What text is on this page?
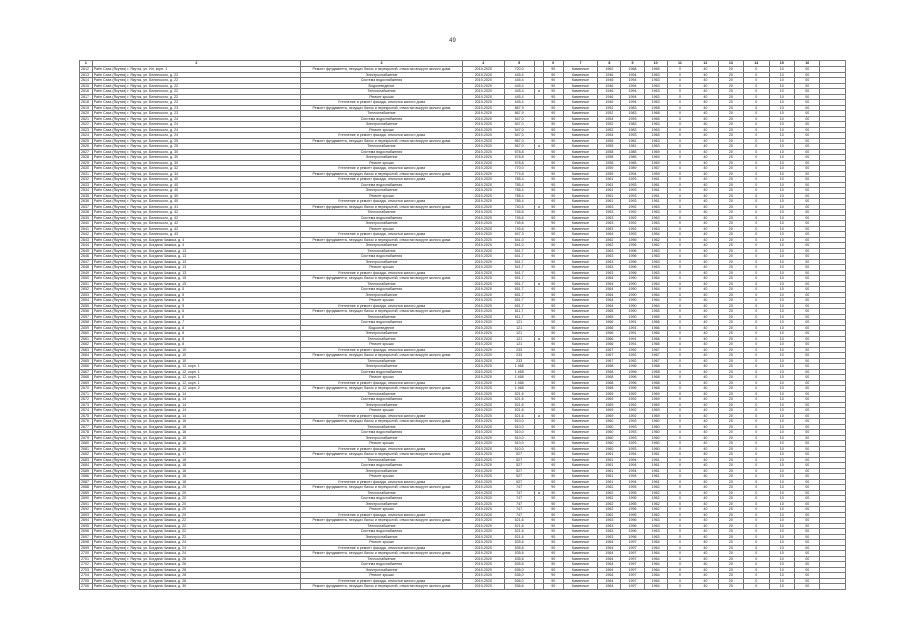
49
1	2	3	4	5		6	7	8	9	10	11	12	13	14	15	16	
2612	Раён Саха (Якутия) г. Якутск, ул. Ил, корп. 1	Ремонт фундамента, несущих балок и перекрытий, отмостки вокругл жилого дома	2019-2020	720,0		90	Каменные	1962	1968	1965	0	40	20	0	10	00	
2613	Раён Саха (Якутия) г. Якутск, ул. Белинского, д. 22	Электроснабжение	2019-2020	445,4		90	Каменные	1946	1994	1963	0	40	20	0	10	00	
2614	Раён Саха (Якутия) г. Якутск, ул. Белинского, д. 22	Система водоснабжения	2019-2020	445,4		90	Каменные	1946	1994	1963	0	40	20	0	10	00	
2615	Раён Саха (Якутия) г. Якутск, ул. Белинского, д. 22	Водоотведение	2019-2020	445,4		90	Каменные	1946	1994	1963	0	40	20	0	10	00	
2616	Раён Саха (Якутия) г. Якутск, ул. Белинского, д. 22	Теплоснабжение	2019-2020	445,4	a	90	Каменные	1946	1994	1963	0	40	20	0	10	00	
2617	Раён Саха (Якутия) г. Якутск, ул. Белинского, д. 22	Ремонт крыши	2019-2020	445,4		90	Каменные	1946	1994	1963	0	40	20	0	10	00	
2618	Раён Саха (Якутия) г. Якутск, ул. Белинского, д. 22	Утепление и ремонт фасада, отмостки жилого дома	2019-2020	445,4		90	Каменные	1946	1994	1963	0	40	20	0	10	00	
2619	Раён Саха (Якутия) г. Якутск, ул. Белинского, д. 23	Ремонт фундамента, несущих балок и перекрытий, отмостки вокругл жилого дома	2019-2020	867,9		90	Каменные	1952	1983	1968	0	40	20	0	10	00	
2620	Раён Саха (Якутия) г. Якутск, ул. Белинского, д. 23	Теплоснабжение	2019-2020	867,9		90	Каменные	1952	1983	1968	0	40	20	0	10	00	
2621	Раён Саха (Якутия) г. Якутск, ул. Белинского, д. 24	Система водоснабжения	2019-2020	547,0		90	Каменные	1954	1993	1965	0	40	20	0	10	00	
2622	Раён Саха (Якутия) г. Якутск, ул. Белинского, д. 24	Электроснабжение	2019-2020	547,0		90	Каменные	1952	1983	1963	0	40	20	0	10	00	
2623	Раён Саха (Якутия) г. Якутск, ул. Белинского, д. 24	Ремонт крыши	2019-2020	547,0		90	Каменные	1952	1983	1963	0	40	20	0	10	00	
2624	Раён Саха (Якутия) г. Якутск, ул. Белинского, д. 24	Утепление и ремонт фасада, отмостки жилого дома	2019-2020	547,0		90	Каменные	1954	1993	1965	0	40	20	0	10	00	
2625	Раён Саха (Якутия) г. Якутск, ул. Белинского, д. 25	Ремонт фундамента, несущих балок и перекрытий, отмостки вокругл жилого дома	2019-2020	567,0		90	Каменные	1955	1981	1963	0	40	20	0	10	00	
2626	Раён Саха (Якутия) г. Якутск, ул. Белинского, д. 25	Теплоснабжение	2019-2020	567,0	a	90	Каменные	1955	1981	1963	0	40	20	0	10	00	
2627	Раён Саха (Якутия) г. Якутск, ул. Белинского, д. 30	Система водоснабжения	2019-2020	578,8		90	Каменные	1958	1985	1969	0	40	20	0	10	00	
2628	Раён Саха (Якутия) г. Якутск, ул. Белинского, д. 30	Электроснабжение	2019-2020	578,8		90	Каменные	1958	1985	1969	0	40	20	0	10	00	
2629	Раён Саха (Якутия) г. Якутск, ул. Белинского, д. 30	Ремонт крыши	2019-2020	578,8		90	Каменные	1958	1985	1969	0	40	20	0	10	00	
2630	Раён Саха (Якутия) г. Якутск, ул. Белинского, д. 32	Утепление и ремонт фасада, отмостки жилого дома	2019-2020	770,0		90	Каменные	1959	1989	1967	0	40	20	0	10	00	
2631	Раён Саха (Якутия) г. Якутск, ул. Белинского, д. 34	Ремонт фундамента, несущих балок и перекрытий, отмостки вокругл жилого дома	2019-2020	774,8		90	Каменные	1959	1994	1959	0	40	20	0	10	00	
2632	Раён Саха (Якутия) г. Якутск, ул. Белинского, д. 40	Утепление и ремонт фасада, отмостки жилого дома	2019-2020	785,4		90	Каменные	1961	1993	1961	0	40	20	0	10	00	
2633	Раён Саха (Якутия) г. Якутск, ул. Белинского, д. 40	Система водоснабжения	2019-2020	785,4		90	Каменные	1961	1993	1961	0	40	20	0	10	00	
2634	Раён Саха (Якутия) г. Якутск, ул. Белинского, д. 40	Электроснабжение	2019-2020	785,4		90	Каменные	1961	1993	1961	0	40	20	0	10	00	
2635	Раён Саха (Якутия) г. Якутск, ул. Белинского, д. 40	Ремонт крыши	2019-2020	785,4		90	Каменные	1961	1993	1961	0	40	20	0	10	00	
2636	Раён Саха (Якутия) г. Якутск, ул. Белинского, д. 40	Утепление и ремонт фасада, отмостки жилого дома	2019-2020	785,4		90	Каменные	1961	1993	1961	0	40	20	0	10	00	
2637	Раён Саха (Якутия) г. Якутск, ул. Белинского, д. 41	Ремонт фундамента, несущих балок и перекрытий, отмостки вокругл жилого дома	2019-2020	740,5	a	90	Каменные	1963	1992	1963	0	40	20	0	10	00	
2638	Раён Саха (Якутия) г. Якутск, ул. Белинского, д. 42	Теплоснабжение	2019-2020	745,6		90	Каменные	1963	1992	1963	0	40	20	0	10	00	
2639	Раён Саха (Якутия) г. Якутск, ул. Белинского, д. 42	Система водоснабжения	2019-2020	745,6		90	Каменные	1963	1992	1963	0	40	20	0	10	00	
2640	Раён Саха (Якутия) г. Якутск, ул. Белинского, д. 42	Электроснабжение	2019-2020	745,6		90	Каменные	1963	1992	1963	0	40	20	0	10	00	
2641	Раён Саха (Якутия) г. Якутск, ул. Белинского, д. 42	Ремонт крыши	2019-2020	745,6		90	Каменные	1963	1992	1963	0	40	20	0	10	00	
2642	Раён Саха (Якутия) г. Якутск, ул. Белинского, д. 43	Утепление и ремонт фасада, отмостки жилого дома	2019-2020	947,3		90	Каменные	1964	1993	1964	0	40	20	0	10	00	
2643	Раён Саха (Якутия) г. Якутск, ул. Богдана Чижика, д. 4	Ремонт фундамента, несущих балок и перекрытий, отмостки вокругл жилого дома	2019-2020	541,0		90	Каменные	1962	1995	1962	0	40	20	0	10	00	
2644	Раён Саха (Якутия) г. Якутск, ул. Богдана Чижика, д. 4	Электроснабжение	2019-2020	541,0		90	Каменные	1962	1995	1962	0	40	20	0	10	00	
2645	Раён Саха (Якутия) г. Якутск, ул. Богдана Чижика, д. 13	Теплоснабжение	2019-2020	541,7		90	Каменные	1963	1996	1963	0	40	20	0	10	00	
2646	Раён Саха (Якутия) г. Якутск, ул. Богдана Чижика, д. 13	Система водоснабжения	2019-2020	541,7		90	Каменные	1963	1996	1963	0	40	20	0	10	00	
2647	Раён Саха (Якутия) г. Якутск, ул. Богдана Чижика, д. 13	Электроснабжение	2019-2020	541,7		90	Каменные	1963	1996	1963	0	40	20	0	10	00	
2648	Раён Саха (Якутия) г. Якутск, ул. Богдана Чижика, д. 13	Ремонт крыши	2019-2020	541,7		90	Каменные	1963	1996	1963	0	40	20	0	10	00	
2649	Раён Саха (Якутия) г. Якутск, ул. Богдана Чижика, д. 13	Утепление и ремонт фасада, отмостки жилого дома	2019-2020	541,7		90	Каменные	1963	1996	1963	0	40	20	0	10	00	
2650	Раён Саха (Якутия) г. Якутск, ул. Богдана Чижика, д. 15	Ремонт фундамента, несущих балок и перекрытий, отмостки вокругл жилого дома	2019-2020	651,7		90	Каменные	1964	1990	1964	0	40	20	0	10	00	
2651	Раён Саха (Якутия) г. Якутск, ул. Богдана Чижика, д. 15	Теплоснабжение	2019-2020	651,7	a	90	Каменные	1964	1990	1964	0	40	20	0	10	00	
2652	Раён Саха (Якутия) г. Якутск, ул. Богдана Чижика, д. 5	Система водоснабжения	2019-2020	651,7		90	Каменные	1964	1990	1964	0	40	20	0	10	00	
2653	Раён Саха (Якутия) г. Якутск, ул. Богдана Чижика, д. 5	Электроснабжение	2019-2020	651,7		90	Каменные	1964	1990	1964	0	40	20	0	10	00	
2654	Раён Саха (Якутия) г. Якутск, ул. Богдана Чижика, д. 5	Ремонт крыши	2019-2020	651,7		90	Каменные	1964	1990	1964	0	40	20	0	10	00	
2655	Раён Саха (Якутия) г. Якутск, ул. Богдана Чижика, д. 5	Утепление и ремонт фасада, отмостки жилого дома	2019-2020	651,7		90	Каменные	1964	1990	1964	0	40	20	0	10	00	
2656	Раён Саха (Якутия) г. Якутск, ул. Богдана Чижика, д. 6	Ремонт фундамента, несущих балок и перекрытий, отмостки вокругл жилого дома	2019-2020	611,7		90	Каменные	1965	1990	1965	0	40	20	0	10	00	
2657	Раён Саха (Якутия) г. Якутск, ул. Богдана Чижика, д. 6	Теплоснабжение	2019-2020	611,7		90	Каменные	1965	1990	1965	0	40	20	0	10	00	
2658	Раён Саха (Якутия) г. Якутск, ул. Богдана Чижика, д. 7	Система водоснабжения	2019-2020	121		90	Каменные	1966	1991	1966	0	40	20	0	10	00	
2659	Раён Саха (Якутия) г. Якутск, ул. Богдана Чижика, д. 8	Водоотведение	2019-2020	121		90	Каменные	1966	1991	1966	0	40	20	0	10	00	
2660	Раён Саха (Якутия) г. Якутск, ул. Богдана Чижика, д. 8	Электроснабжение	2019-2020	121		90	Каменные	1966	1991	1966	0	40	20	0	10	00	
2661	Раён Саха (Якутия) г. Якутск, ул. Богдана Чижика, д. 8	Теплоснабжение	2019-2020	121	a	90	Каменные	1966	1991	1966	0	40	20	0	10	00	
2662	Раён Саха (Якутия) г. Якутск, ул. Богдана Чижика, д. 8	Ремонт крыши	2019-2020	121		90	Каменные	1966	1991	1966	0	40	20	0	10	00	
2663	Раён Саха (Якутия) г. Якутск, ул. Богдана Чижика, д. 10	Утепление и ремонт фасада, отмостки жилого дома	2019-2020	233		90	Каменные	1967	1992	1967	0	40	20	0	10	00	
2664	Раён Саха (Якутия) г. Якутск, ул. Богдана Чижика, д. 10	Ремонт фундамента, несущих балок и перекрытий, отмостки вокругл жилого дома	2019-2020	233		90	Каменные	1967	1992	1967	0	40	20	0	10	00	
2665	Раён Саха (Якутия) г. Якутск, ул. Богдана Чижика, д. 10	Теплоснабжение	2019-2020	233		90	Каменные	1967	1992	1967	0	40	20	0	10	00	
2666	Раён Саха (Якутия) г. Якутск, ул. Богдана Чижика, д. 12, корп. 1	Электроснабжение	2019-2020	1 468		90	Каменные	1968	1996	1968	0	40	20	0	10	00	
2667	Раён Саха (Якутия) г. Якутск, ул. Богдана Чижика, д. 12, корп. 1	Система водоснабжения	2019-2020	1 468		90	Каменные	1968	1996	1968	0	40	20	0	10	00	
2668	Раён Саха (Якутия) г. Якутск, ул. Богдана Чижика, д. 12, корп. 1	Ремонт крыши	2019-2020	1 468		90	Каменные	1968	1996	1968	0	40	20	0	10	00	
2669	Раён Саха (Якутия) г. Якутск, ул. Богдана Чижика, д. 12, корп. 1	Утепление и ремонт фасада, отмостки жилого дома	2019-2020	1 468		90	Каменные	1968	1996	1968	0	40	20	0	10	00	
2670	Раён Саха (Якутия) г. Якутск, ул. Богдана Чижика, д. 12, корп. 2	Ремонт фундамента, несущих балок и перекрытий, отмостки вокругл жилого дома	2019-2020	1 468		90	Каменные	1968	1996	1968	0	40	20	0	10	00	
2671	Раён Саха (Якутия) г. Якутск, ул. Богдана Чижика, д. 14	Теплоснабжение	2019-2020	521,6		90	Каменные	1969	1992	1969	0	40	20	0	10	00	
2672	Раён Саха (Якутия) г. Якутск, ул. Богдана Чижика, д. 14	Система водоснабжения	2019-2020	521,6		90	Каменные	1969	1992	1969	0	40	20	0	10	00	
2673	Раён Саха (Якутия) г. Якутск, ул. Богдана Чижика, д. 14	Электроснабжение	2019-2020	521,6		90	Каменные	1969	1992	1969	0	40	20	0	10	00	
2674	Раён Саха (Якутия) г. Якутск, ул. Богдана Чижика, д. 14	Ремонт крыши	2019-2020	521,6		90	Каменные	1969	1992	1969	0	40	20	0	10	00	
2675	Раён Саха (Якутия) г. Якутск, ул. Богдана Чижика, д. 14	Утепление и ремонт фасада, отмостки жилого дома	2019-2020	521,6	a	90	Каменные	1969	1992	1969	0	40	20	0	10	00	
2676	Раён Саха (Якутия) г. Якутск, ул. Богдана Чижика, д. 16	Ремонт фундамента, несущих балок и перекрытий, отмостки вокругл жилого дома	2019-2020	510,0		90	Каменные	1960	1993	1960	0	40	20	0	10	00	
2677	Раён Саха (Якутия) г. Якутск, ул. Богдана Чижика, д. 16	Теплоснабжение	2019-2020	510,0		90	Каменные	1960	1993	1960	0	40	20	0	10	00	
2678	Раён Саха (Якутия) г. Якутск, ул. Богдана Чижика, д. 16	Система водоснабжения	2019-2020	510,0		90	Каменные	1960	1993	1960	0	40	20	0	10	00	
2679	Раён Саха (Якутия) г. Якутск, ул. Богдана Чижика, д. 16	Электроснабжение	2019-2020	510,0		90	Каменные	1960	1993	1960	0	40	20	0	10	00	
2680	Раён Саха (Якутия) г. Якутск, ул. Богдана Чижика, д. 16	Ремонт крыши	2019-2020	510,0		90	Каменные	1960	1993	1960	0	40	20	0	10	00	
2681	Раён Саха (Якутия) г. Якутск, ул. Богдана Чижика, д. 16	Утепление и ремонт фасада, отмостки жилого дома	2019-2020	510,0		90	Каменные	1960	1993	1960	0	40	20	0	10	00	
2682	Раён Саха (Якутия) г. Якутск, ул. Богдана Чижика, д. 17	Ремонт фундамента, несущих балок и перекрытий, отмостки вокругл жилого дома	2019-2020	527		90	Каменные	1961	1994	1961	0	40	20	0	10	00	
2683	Раён Саха (Якутия) г. Якутск, ул. Богдана Чижика, д. 18	Теплоснабжение	2019-2020	527		90	Каменные	1961	1994	1961	0	40	20	0	10	00	
2684	Раён Саха (Якутия) г. Якутск, ул. Богдана Чижика, д. 18	Система водоснабжения	2019-2020	527		90	Каменные	1961	1994	1961	0	40	20	0	10	00	
2685	Раён Саха (Якутия) г. Якутск, ул. Богдана Чижика, д. 18	Электроснабжение	2019-2020	527		90	Каменные	1961	1994	1961	0	40	20	0	10	00	
2686	Раён Саха (Якутия) г. Якутск, ул. Богдана Чижика, д. 18	Ремонт крыши	2019-2020	527		90	Каменные	1961	1994	1961	0	40	20	0	10	00	
2687	Раён Саха (Якутия) г. Якутск, ул. Богдана Чижика, д. 18	Утепление и ремонт фасада, отмостки жилого дома	2019-2020	527		90	Каменные	1961	1994	1961	0	40	20	0	10	00	
2688	Раён Саха (Якутия) г. Якутск, ул. Богдана Чижика, д. 20	Ремонт фундамента, несущих балок и перекрытий, отмостки вокругл жилого дома	2019-2020	747		90	Каменные	1962	1995	1962	0	40	20	0	10	00	
2689	Раён Саха (Якутия) г. Якутск, ул. Богдана Чижика, д. 20	Теплоснабжение	2019-2020	747	a	90	Каменные	1962	1995	1962	0	40	20	0	10	00	
2690	Раён Саха (Якутия) г. Якутск, ул. Богдана Чижика, д. 20	Система водоснабжения	2019-2020	747		90	Каменные	1962	1995	1962	0	40	20	0	10	00	
2691	Раён Саха (Якутия) г. Якутск, ул. Богдана Чижика, д. 20	Электроснабжение	2019-2020	747		90	Каменные	1962	1995	1962	0	40	20	0	10	00	
2692	Раён Саха (Якутия) г. Якутск, ул. Богдана Чижика, д. 20	Ремонт крыши	2019-2020	747		90	Каменные	1962	1995	1962	0	40	20	0	10	00	
2693	Раён Саха (Якутия) г. Якутск, ул. Богдана Чижика, д. 20	Утепление и ремонт фасада, отмостки жилого дома	2019-2020	747		90	Каменные	1962	1995	1962	0	40	20	0	10	00	
2694	Раён Саха (Якутия) г. Якутск, ул. Богдана Чижика, д. 22	Ремонт фундамента, несущих балок и перекрытий, отмостки вокругл жилого дома	2019-2020	521,6		90	Каменные	1963	1996	1963	0	40	20	0	10	00	
2695	Раён Саха (Якутия) г. Якутск, ул. Богдана Чижика, д. 22	Теплоснабжение	2019-2020	521,6		90	Каменные	1963	1996	1963	0	40	20	0	10	00	
2696	Раён Саха (Якутия) г. Якутск, ул. Богдана Чижика, д. 22	Система водоснабжения	2019-2020	521,6		90	Каменные	1963	1996	1963	0	40	20	0	10	00	
2697	Раён Саха (Якутия) г. Якутск, ул. Богдана Чижика, д. 22	Электроснабжение	2019-2020	521,6		90	Каменные	1963	1996	1963	0	40	20	0	10	00	
2698	Раён Саха (Якутия) г. Якутск, ул. Богдана Чижика, д. 24	Ремонт крыши	2019-2020	535,6		90	Каменные	1964	1997	1964	0	40	20	0	10	00	
2699	Раён Саха (Якутия) г. Якутск, ул. Богдана Чижика, д. 24	Утепление и ремонт фасада, отмостки жилого дома	2019-2020	535,6		90	Каменные	1964	1997	1964	0	40	20	0	10	00	
2700	Раён Саха (Якутия) г. Якутск, ул. Богдана Чижика, д. 24	Ремонт фундамента, несущих балок и перекрытий, отмостки вокругл жилого дома	2019-2020	535,6		90	Каменные	1964	1997	1964	0	40	20	0	10	00	
2701	Раён Саха (Якутия) г. Якутск, ул. Богдана Чижика, д. 26	Теплоснабжение	2019-2020	535,6		90	Каменные	1964	1997	1964	0	40	20	0	10	00	
2702	Раён Саха (Якутия) г. Якутск, ул. Богдана Чижика, д. 26	Система водоснабжения	2019-2020	535,6		90	Каменные	1964	1997	1964	0	40	20	0	10	00	
2703	Раён Саха (Якутия) г. Якутск, ул. Богдана Чижика, д. 28	Электроснабжение	2019-2020	536,0		90	Каменные	1964	1997	1964	0	40	20	0	10	00	
2704	Раён Саха (Якутия) г. Якутск, ул. Богдана Чижика, д. 28	Ремонт крыши	2019-2020	536,0		90	Каменные	1964	1997	1964	0	40	20	0	10	00	
2705	Раён Саха (Якутия) г. Якутск, ул. Богдана Чижика, д. 28	Утепление и ремонт фасада, отмостки жилого дома	2019-2020	536,0		90	Каменные	1964	1997	1964	0	40	20	0	10	00	
2706	Раён Саха (Якутия) г. Якутск, ул. Богдана Чижика, д. 30	Ремонт фундамента, несущих балок и перекрытий, отмостки вокругл жилого дома	2019-2020	536,6		90	Каменные	1964	1997	1964	0	40	20	0	10	00	
